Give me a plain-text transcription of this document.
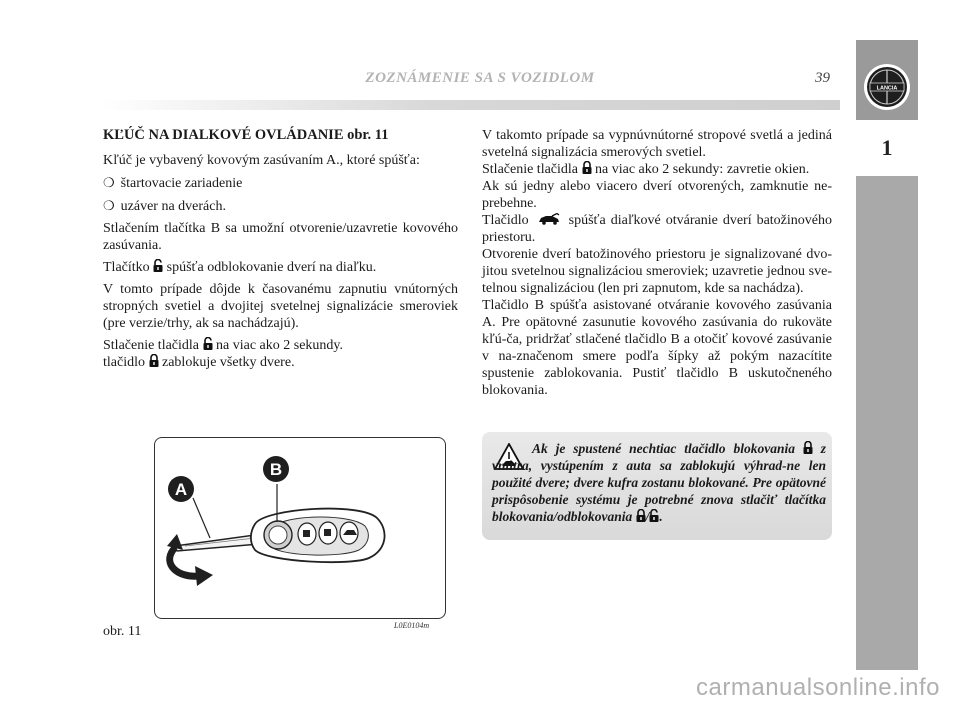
ZOZNÁMENIE SA S VOZIDLOM	39
LANCIA
1
KĽÚČ NA DIALKOVÉ OVLÁDANIE obr. 11

Kľúč je vybavený kovovým zasúvaním A., ktoré spúšťa:

❍ štartovacie zariadenie
❍ uzáver na dverách.

Stlačením tlačítka B sa umožní otvorenie/uzavretie kovového zasúvania.

Tlačítko spúšťa odblokovanie dverí na diaľku.

V tomto prípade dôjde k časovanému zapnutiu vnútorných stropných svetiel a dvojitej svetelnej signalizácie smeroviek (pre verzie/trhy, ak sa nachádzajú).

Stlačenie tlačidla na viac ako 2 sekundy.

tlačidlo zablokuje všetky dvere.

V takomto prípade sa vypnúvnútorné stropové svetlá a jediná svetelná signalizácia smerových svetiel.

Stlačenie tlačidla na viac ako 2 sekundy: zavretie okien.

Ak sú jedny alebo viacero dverí otvorených, zamknutie ne-prebehne.

Tlačidlo	spúšťa diaľkové otváranie dverí batožinového priestoru.

Otvorenie dverí batožinového priestoru je signalizované dvo-jitou svetelnou signalizáciou smeroviek; uzavretie jednou sve-telnou signalizáciou (len pri zapnutom, kde sa nachádza).

Tlačidlo B spúšťa asistované otváranie kovového zasúvania A. Pre opätovné zasunutie kovového zasúvania do rukoväte kľú-ča, pridržať stlačené tlačidlo B a otočiť kovové zasúvanie v na-značenom smere podľa šípky až pokým nazacítite spustenie zablokovania. Pustiť tlačidlo B uskutočneného blokovania.

A
B
L0E0104m
obr. 11
Ak je spustené nechtiac tlačidlo blokovania z vnútra, vystúpením z auta sa zablokujú výhrad-ne len použité dvere; dvere kufra zostanu blokované. Pre opätovné prispôsobenie systému je potrebné znova stlačiť tlačítka blokovania/odblokovania / .
carmanualsonline.info
